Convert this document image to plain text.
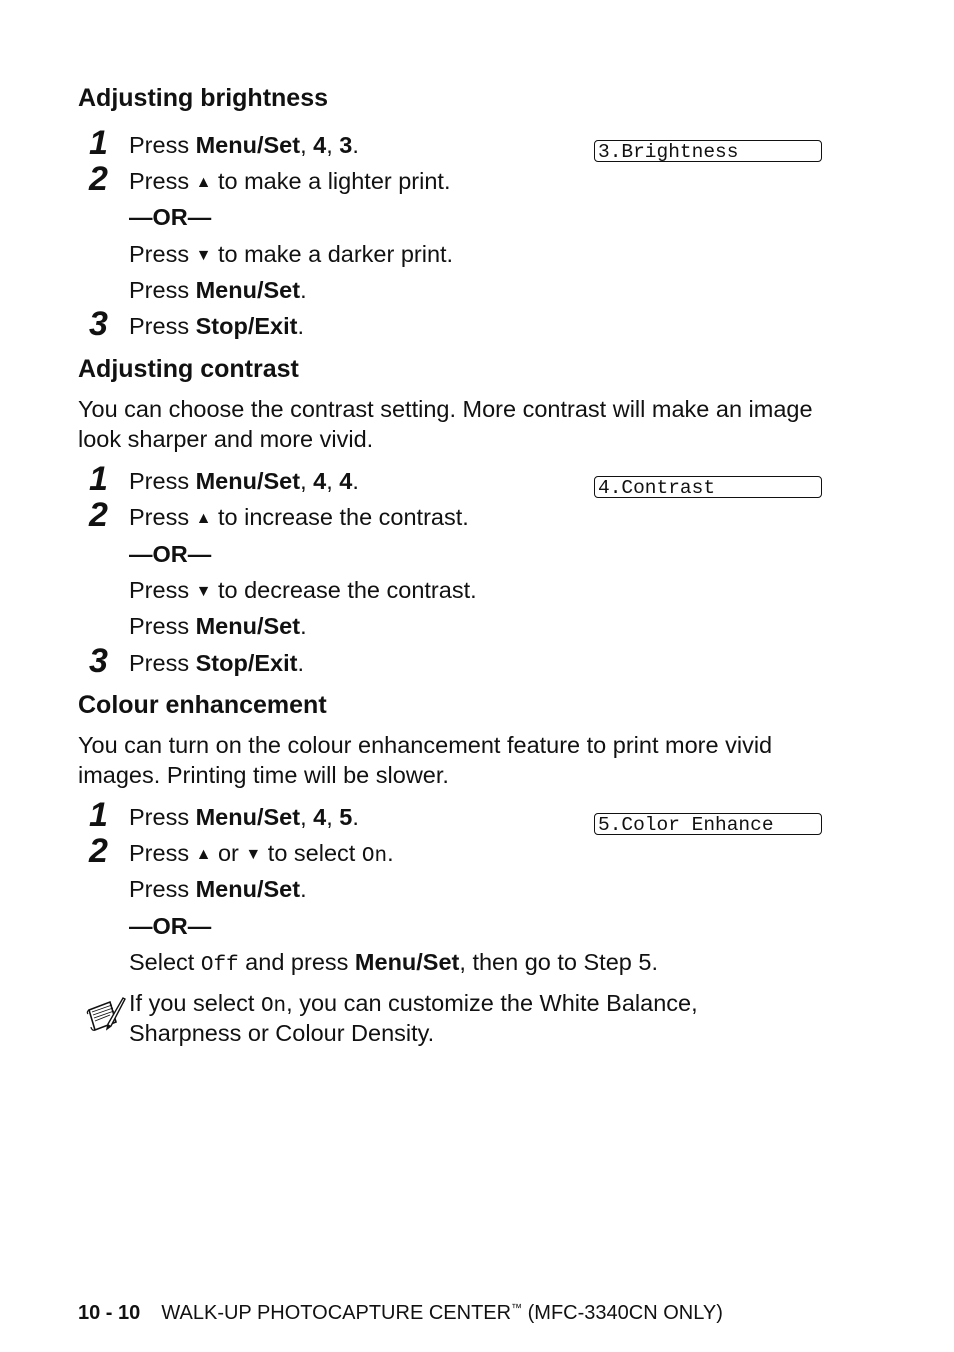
Adjusting brightness
1 Press Menu/Set, 4, 3.	3.Brightness
2 Press ▲ to make a lighter print.
—OR—
Press ▼ to make a darker print.
Press Menu/Set.
3 Press Stop/Exit.
Adjusting contrast
You can choose the contrast setting. More contrast will make an image look sharper and more vivid.
1 Press Menu/Set, 4, 4.	4.Contrast
2 Press ▲ to increase the contrast.
—OR—
Press ▼ to decrease the contrast.
Press Menu/Set.
3 Press Stop/Exit.
Colour enhancement
You can turn on the colour enhancement feature to print more vivid images. Printing time will be slower.
1 Press Menu/Set, 4, 5.	5.Color Enhance
2 Press ▲ or ▼ to select On.
Press Menu/Set.
—OR—
Select Off and press Menu/Set, then go to Step 5.
If you select On, you can customize the White Balance,
Sharpness or Colour Density.
10 - 10 WALK-UP PHOTOCAPTURE CENTER™ (MFC-3340CN ONLY)
